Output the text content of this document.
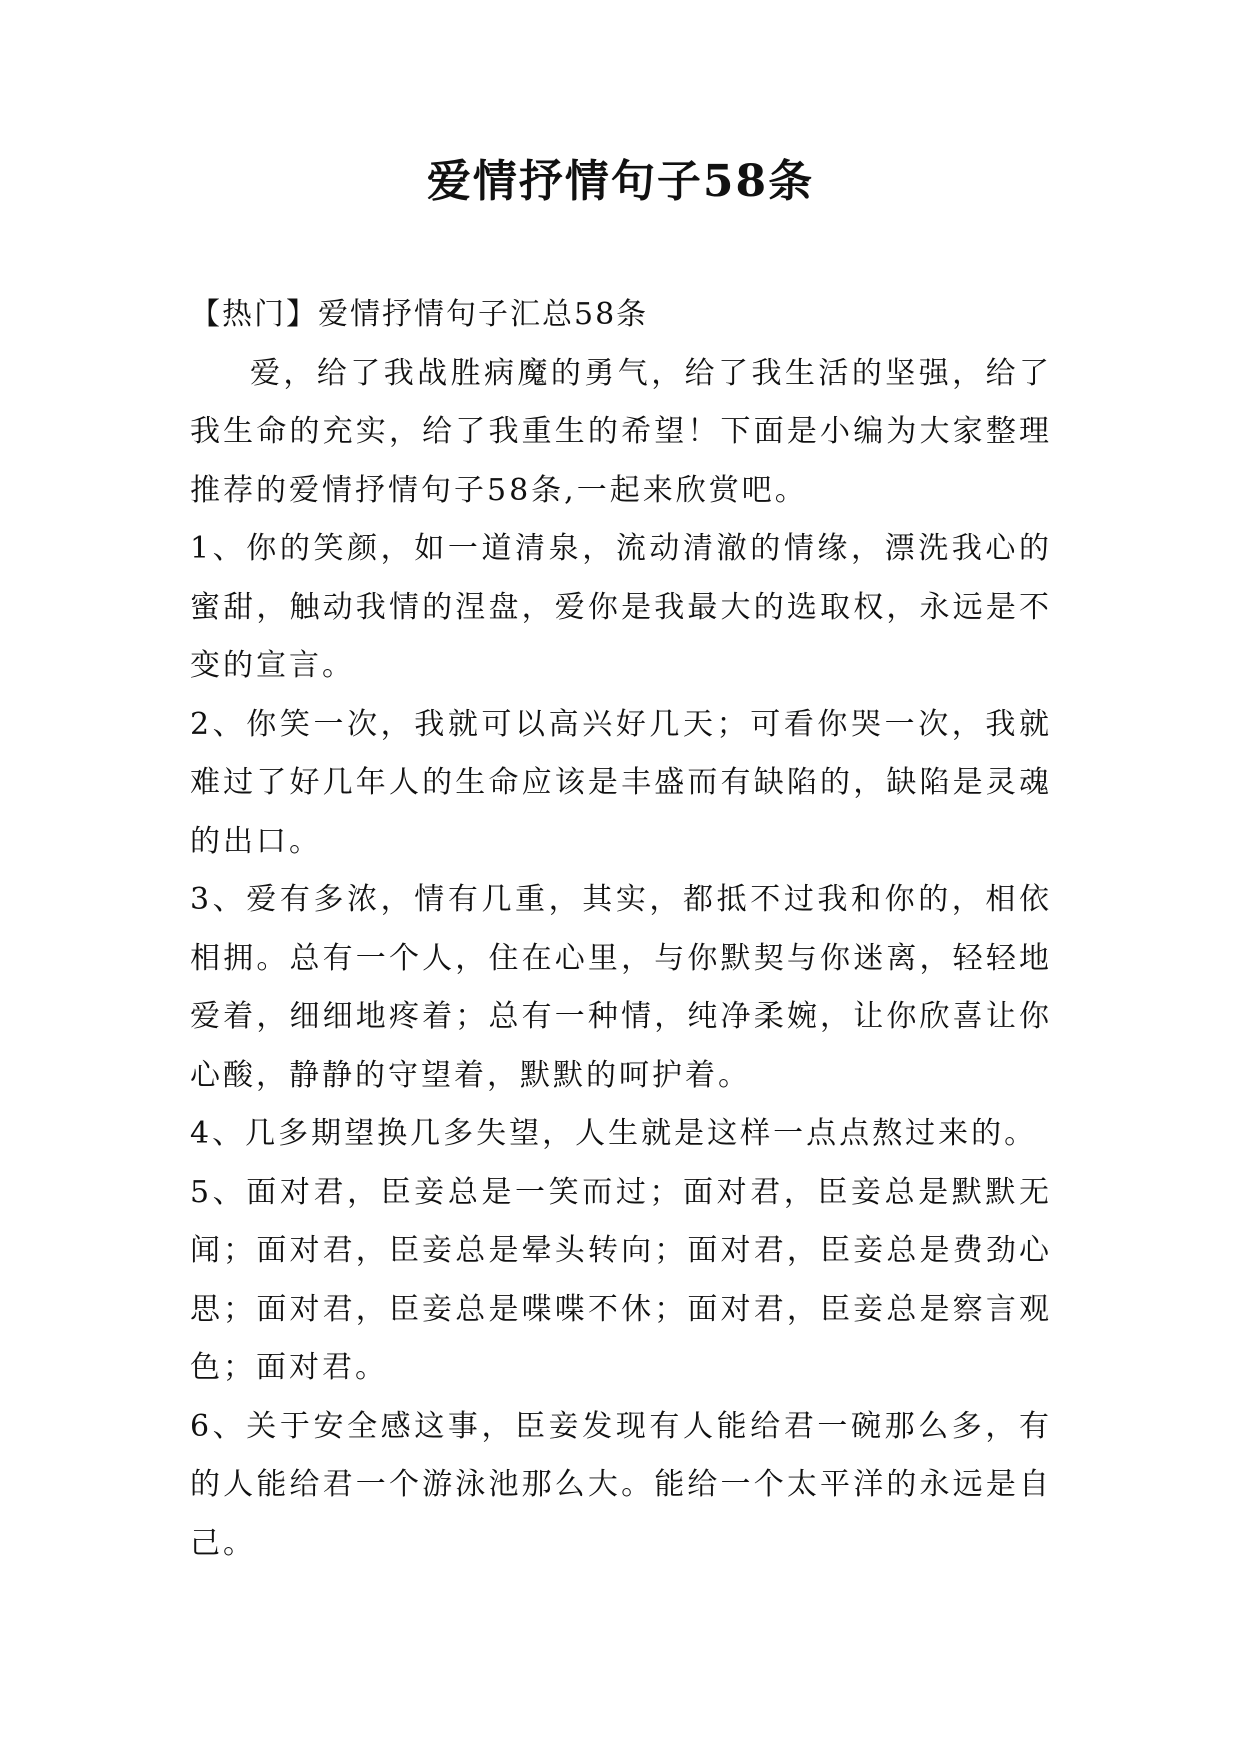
爱情抒情句子58条

【热门】爱情抒情句子汇总58条

爱，给了我战胜病魔的勇气，给了我生活的坚强，给了我生命的充实，给了我重生的希望！下面是小编为大家整理推荐的爱情抒情句子58条,一起来欣赏吧。

1、你的笑颜，如一道清泉，流动清澈的情缘，漂洗我心的蜜甜，触动我情的涅盘，爱你是我最大的选取权，永远是不变的宣言。

2、你笑一次，我就可以高兴好几天；可看你哭一次，我就难过了好几年人的生命应该是丰盛而有缺陷的，缺陷是灵魂的出口。

3、爱有多浓，情有几重，其实，都抵不过我和你的，相依相拥。总有一个人，住在心里，与你默契与你迷离，轻轻地爱着，细细地疼着；总有一种情，纯净柔婉，让你欣喜让你心酸，静静的守望着，默默的呵护着。

4、几多期望换几多失望，人生就是这样一点点熬过来的。

5、面对君，臣妾总是一笑而过；面对君，臣妾总是默默无闻；面对君，臣妾总是晕头转向；面对君，臣妾总是费劲心思；面对君，臣妾总是喋喋不休；面对君，臣妾总是察言观色；面对君。

6、关于安全感这事，臣妾发现有人能给君一碗那么多，有的人能给君一个游泳池那么大。能给一个太平洋的永远是自己。
